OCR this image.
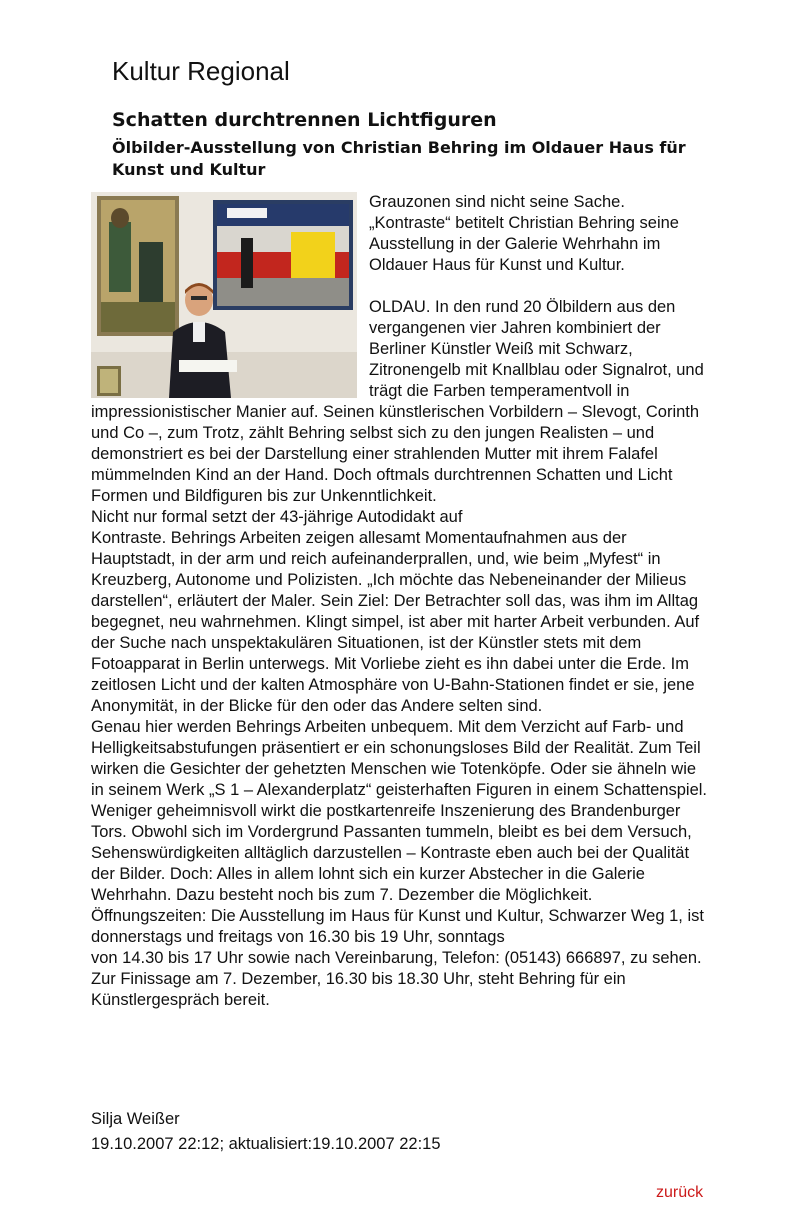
Kultur Regional
Schatten durchtrennen Lichtfiguren
Ölbilder-Ausstellung von Christian Behring im Oldauer Haus für Kunst und Kultur

Grauzonen sind nicht seine Sache. „Kontraste“ betitelt Christian Behring seine Ausstellung in der Galerie Wehrhahn im Oldauer Haus für Kunst und Kultur.

OLDAU. In den rund 20 Ölbildern aus den vergangenen vier Jahren kombiniert der Berliner Künstler Weiß mit Schwarz, Zitronengelb mit Knallblau oder Signalrot, und trägt die Farben temperamentvoll in impressionistischer Manier auf. Seinen künstlerischen Vorbildern – Slevogt, Corinth und Co –, zum Trotz, zählt Behring selbst sich zu den jungen Realisten – und demonstriert es bei der Darstellung einer strahlenden Mutter mit ihrem Falafel mümmelnden Kind an der Hand. Doch oftmals durchtrennen Schatten und Licht Formen und Bildfiguren bis zur Unkenntlichkeit.

Nicht nur formal setzt der 43-jährige Autodidakt auf

Kontraste. Behrings Arbeiten zeigen allesamt Momentaufnahmen aus der Hauptstadt, in der arm und reich aufeinanderprallen, und, wie beim „Myfest“ in Kreuzberg, Autonome und Polizisten. „Ich möchte das Nebeneinander der Milieus darstellen“, erläutert der Maler. Sein Ziel: Der Betrachter soll das, was ihm im Alltag begegnet, neu wahrnehmen. Klingt simpel, ist aber mit harter Arbeit verbunden. Auf der Suche nach unspektakulären Situationen, ist der Künstler stets mit dem Fotoapparat in Berlin unterwegs. Mit Vorliebe zieht es ihn dabei unter die Erde. Im zeitlosen Licht und der kalten Atmosphäre von U-Bahn-Stationen findet er sie, jene Anonymität, in der Blicke für den oder das Andere selten sind.

Genau hier werden Behrings Arbeiten unbequem. Mit dem Verzicht auf Farb- und Helligkeitsabstufungen präsentiert er ein schonungsloses Bild der Realität. Zum Teil wirken die Gesichter der gehetzten Menschen wie Totenköpfe. Oder sie ähneln wie in seinem Werk „S 1 – Alexanderplatz“ geisterhaften Figuren in einem Schattenspiel.

Weniger geheimnisvoll wirkt die postkartenreife Inszenierung des Brandenburger Tors. Obwohl sich im Vordergrund Passanten tummeln, bleibt es bei dem Versuch, Sehenswürdigkeiten alltäglich darzustellen – Kontraste eben auch bei der Qualität der Bilder. Doch: Alles in allem lohnt sich ein kurzer Abstecher in die Galerie Wehrhahn. Dazu besteht noch bis zum 7. Dezember die Möglichkeit.

Öffnungszeiten: Die Ausstellung im Haus für Kunst und Kultur, Schwarzer Weg 1, ist donnerstags und freitags von 16.30 bis 19 Uhr, sonntags

von 14.30 bis 17 Uhr sowie nach Vereinbarung, Telefon: (05143) 666897, zu sehen. Zur Finissage am 7. Dezember, 16.30 bis 18.30 Uhr, steht Behring für ein Künstlergespräch bereit.

Silja Weißer
19.10.2007 22:12; aktualisiert:19.10.2007 22:15
zurück
